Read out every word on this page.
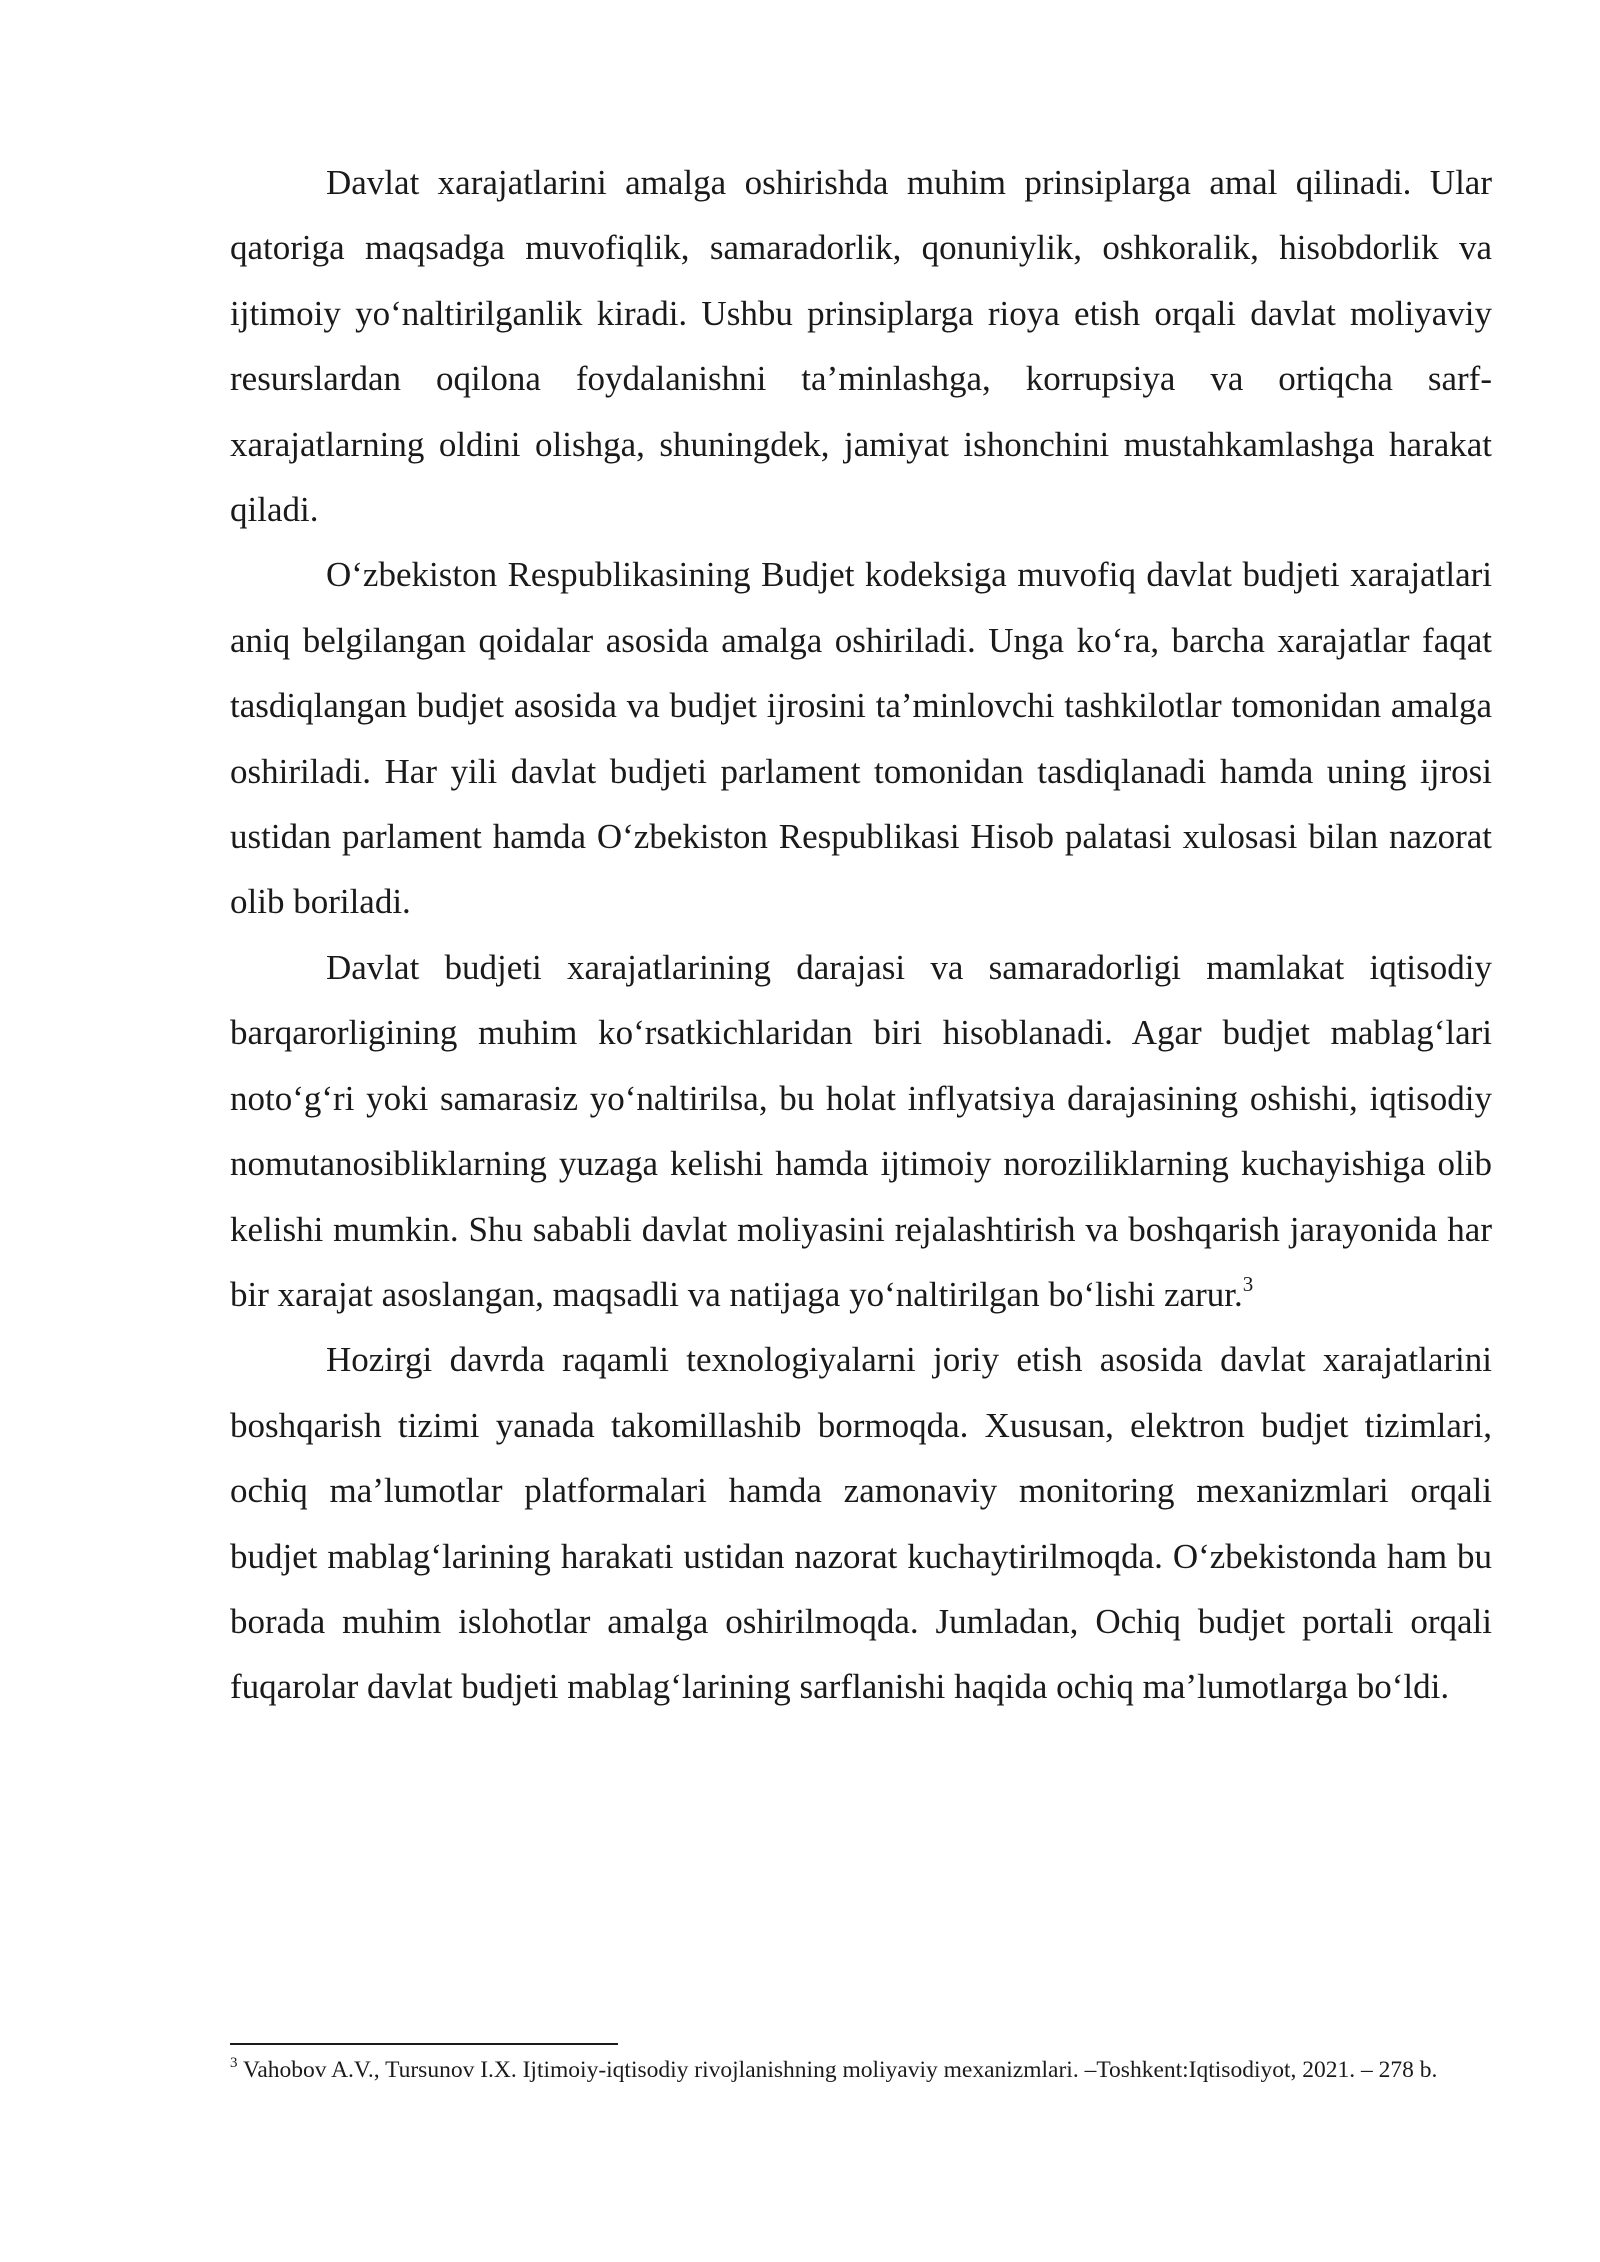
Davlat xarajatlarini amalga oshirishda muhim prinsiplarga amal qilinadi. Ular qatoriga maqsadga muvofiqlik, samaradorlik, qonuniylik, oshkoralik, hisobdorlik va ijtimoiy yo‘naltirilganlik kiradi. Ushbu prinsiplarga rioya etish orqali davlat moliyaviy resurslardan oqilona foydalanishni ta’minlashga, korrupsiya va ortiqcha sarf-xarajatlarning oldini olishga, shuningdek, jamiyat ishonchini mustahkamlashga harakat qiladi.

O‘zbekiston Respublikasining Budjet kodeksiga muvofiq davlat budjeti xarajatlari aniq belgilangan qoidalar asosida amalga oshiriladi. Unga ko‘ra, barcha xarajatlar faqat tasdiqlangan budjet asosida va budjet ijrosini ta’minlovchi tashkilotlar tomonidan amalga oshiriladi. Har yili davlat budjeti parlament tomonidan tasdiqlanadi hamda uning ijrosi ustidan parlament hamda O‘zbekiston Respublikasi Hisob palatasi xulosasi bilan nazorat olib boriladi.

Davlat budjeti xarajatlarining darajasi va samaradorligi mamlakat iqtisodiy barqarorligining muhim ko‘rsatkichlaridan biri hisoblanadi. Agar budjet mablag‘lari noto‘g‘ri yoki samarasiz yo‘naltirilsa, bu holat inflyatsiya darajasining oshishi, iqtisodiy nomutanosibliklarning yuzaga kelishi hamda ijtimoiy noroziliklarning kuchayishiga olib kelishi mumkin. Shu sababli davlat moliyasini rejalashtirish va boshqarish jarayonida har bir xarajat asoslangan, maqsadli va natijaga yo‘naltirilgan bo‘lishi zarur.$^3$

Hozirgi davrda raqamli texnologiyalarni joriy etish asosida davlat xarajatlarini boshqarish tizimi yanada takomillashib bormoqda. Xususan, elektron budjet tizimlari, ochiq ma’lumotlar platformalari hamda zamonaviy monitoring mexanizmlari orqali budjet mablag‘larining harakati ustidan nazorat kuchaytirilmoqda. O‘zbekistonda ham bu borada muhim islohotlar amalga oshirilmoqda. Jumladan, Ochiq budjet portali orqali fuqarolar davlat budjeti mablag‘larining sarflanishi haqida ochiq ma’lumotlarga bo‘ldi.

$^3$ Vahobov A.V., Tursunov I.X. Ijtimoiy-iqtisodiy rivojlanishning moliyaviy mexanizmlari. –Toshkent:Iqtisodiyot, 2021. – 278 b.
